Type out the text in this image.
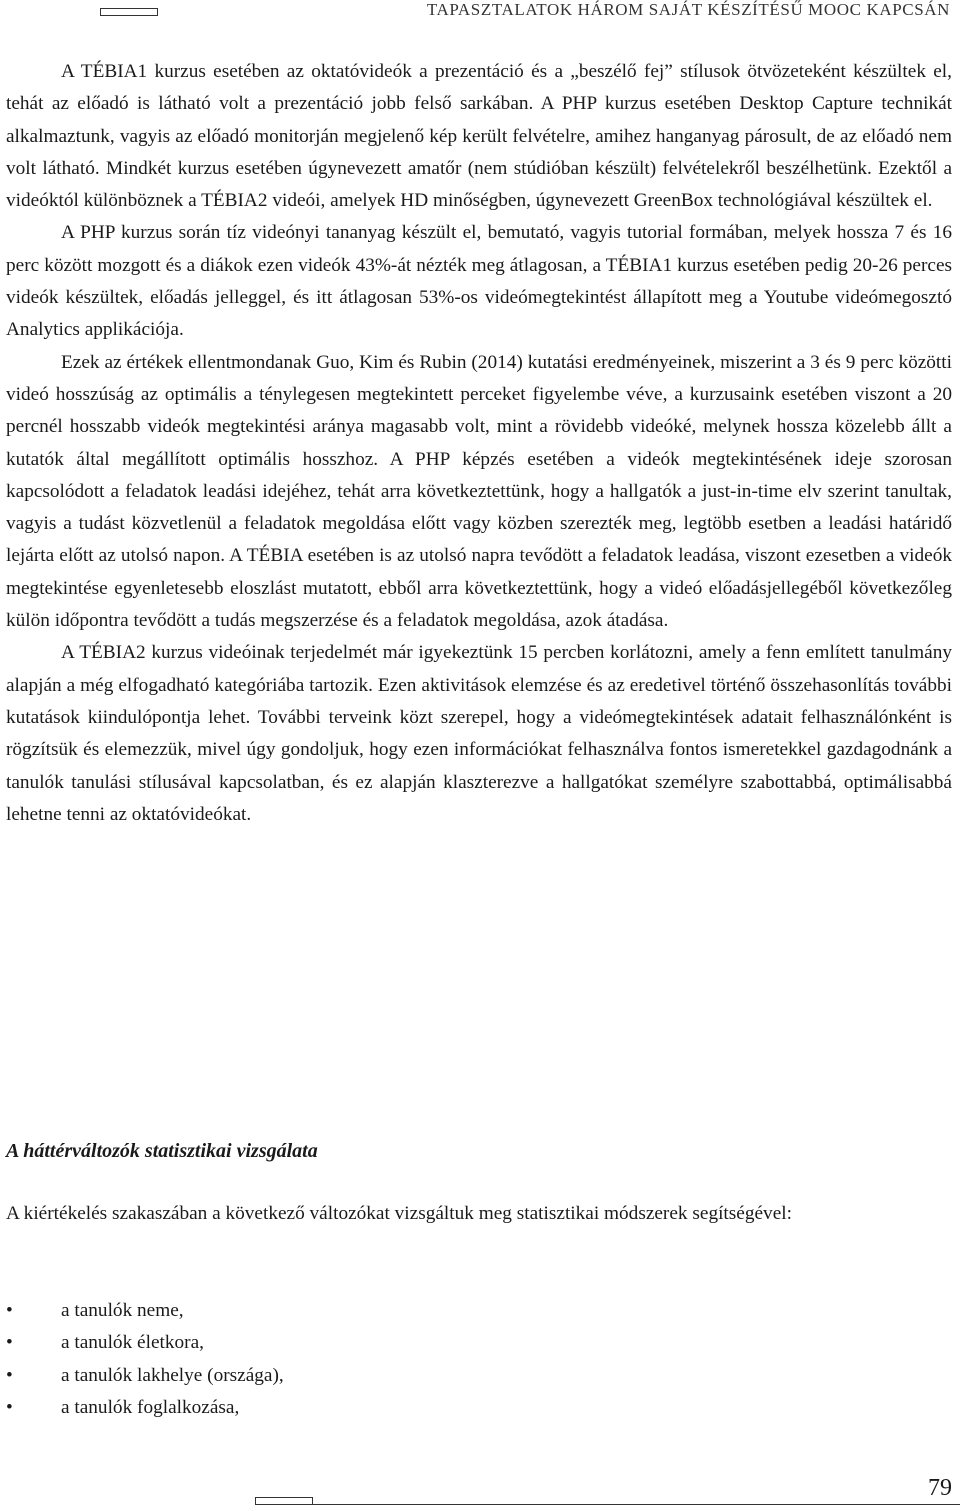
TAPASZTALATOK HÁROM SAJÁT KÉSZÍTÉSŰ MOOC KAPCSÁN

A TÉBIA1 kurzus esetében az oktatóvideók a prezentáció és a „beszélő fej” stílusok ötvözeteként készültek el, tehát az előadó is látható volt a prezentáció jobb felső sarkában. A PHP kurzus esetében Desktop Capture technikát alkalmaztunk, vagyis az előadó monitorján megjelenő kép került felvételre, amihez hanganyag párosult, de az előadó nem volt látható. Mindkét kurzus esetében úgynevezett amatőr (nem stúdióban készült) felvételekről beszélhetünk. Ezektől a videóktól különböznek a TÉBIA2 videói, amelyek HD minőségben, úgynevezett GreenBox technológiával készültek el.

A PHP kurzus során tíz videónyi tananyag készült el, bemutató, vagyis tutorial formában, melyek hossza 7 és 16 perc között mozgott és a diákok ezen videók 43%-át nézték meg átlagosan, a TÉBIA1 kurzus esetében pedig 20-26 perces videók készültek, előadás jelleggel, és itt átlagosan 53%-os videómegtekintést állapított meg a Youtube videómegosztó Analytics applikációja.

Ezek az értékek ellentmondanak Guo, Kim és Rubin (2014) kutatási eredményeinek, miszerint a 3 és 9 perc közötti videó hosszúság az optimális a ténylegesen megtekintett perceket figyelembe véve, a kurzusaink esetében viszont a 20 percnél hosszabb videók megtekintési aránya magasabb volt, mint a rövidebb videóké, melynek hossza közelebb állt a kutatók által megállított optimális hosszhoz. A PHP képzés esetében a videók megtekintésének ideje szorosan kapcsolódott a feladatok leadási idejéhez, tehát arra következtettünk, hogy a hallgatók a just-in-time elv szerint tanultak, vagyis a tudást közvetlenül a feladatok megoldása előtt vagy közben szerezték meg, legtöbb esetben a leadási határidő lejárta előtt az utolsó napon. A TÉBIA esetében is az utolsó napra tevődött a feladatok leadása, viszont ezesetben a videók megtekintése egyenletesebb eloszlást mutatott, ebből arra következtettünk, hogy a videó előadásjellegéből következőleg külön időpontra tevődött a tudás megszerzése és a feladatok megoldása, azok átadása.

A TÉBIA2 kurzus videóinak terjedelmét már igyekeztünk 15 percben korlátozni, amely a fenn említett tanulmány alapján a még elfogadható kategóriába tartozik. Ezen aktivitások elemzése és az eredetivel történő összehasonlítás további kutatások kiindulópontja lehet. További terveink közt szerepel, hogy a videómegtekintések adatait felhasználónként is rögzítsük és elemezzük, mivel úgy gondoljuk, hogy ezen információkat felhasználva fontos ismeretekkel gazdagodnánk a tanulók tanulási stílusával kapcsolatban, és ez alapján klaszterezve a hallgatókat személyre szabottabbá, optimálisabbá lehetne tenni az oktatóvideókat.

A háttérváltozók statisztikai vizsgálata

A kiértékelés szakaszában a következő változókat vizsgáltuk meg statisztikai módszerek segítségével:

• a tanulók neme,
• a tanulók életkora,
• a tanulók lakhelye (országa),
• a tanulók foglalkozása,
79
